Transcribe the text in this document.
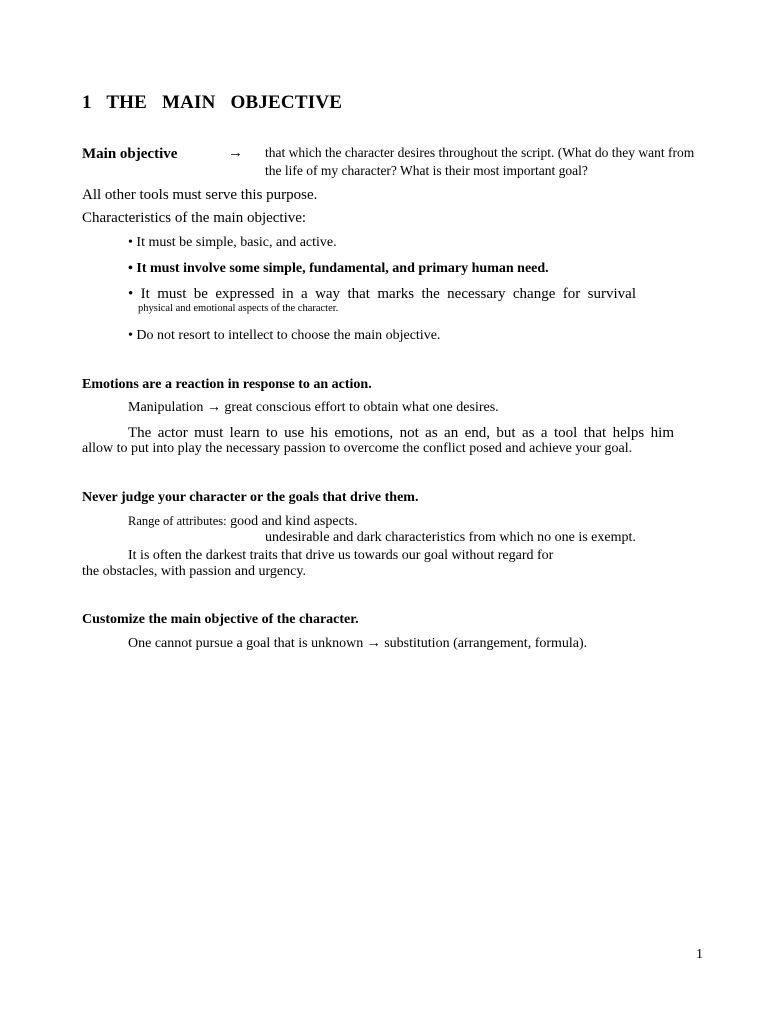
1 THE MAIN OBJECTIVE
Main objective	→ that which the character desires throughout the script. (What do they want from
the life of my character? What is their most important goal?
All other tools must serve this purpose.
Characteristics of the main objective:
• It must be simple, basic, and active.
• It must involve some simple, fundamental, and primary human need.
• It must be expressed in a way that marks the necessary change for survival
physical and emotional aspects of the character.
• Do not resort to intellect to choose the main objective.
Emotions are a reaction in response to an action.
Manipulation → great conscious effort to obtain what one desires.
The actor must learn to use his emotions, not as an end, but as a tool that helps him
allow to put into play the necessary passion to overcome the conflict posed and achieve your goal.
Never judge your character or the goals that drive them.
Range of attributes: good and kind aspects.
undesirable and dark characteristics from which no one is exempt.
It is often the darkest traits that drive us towards our goal without regard for
the obstacles, with passion and urgency.
Customize the main objective of the character.
One cannot pursue a goal that is unknown → substitution (arrangement, formula).
1
